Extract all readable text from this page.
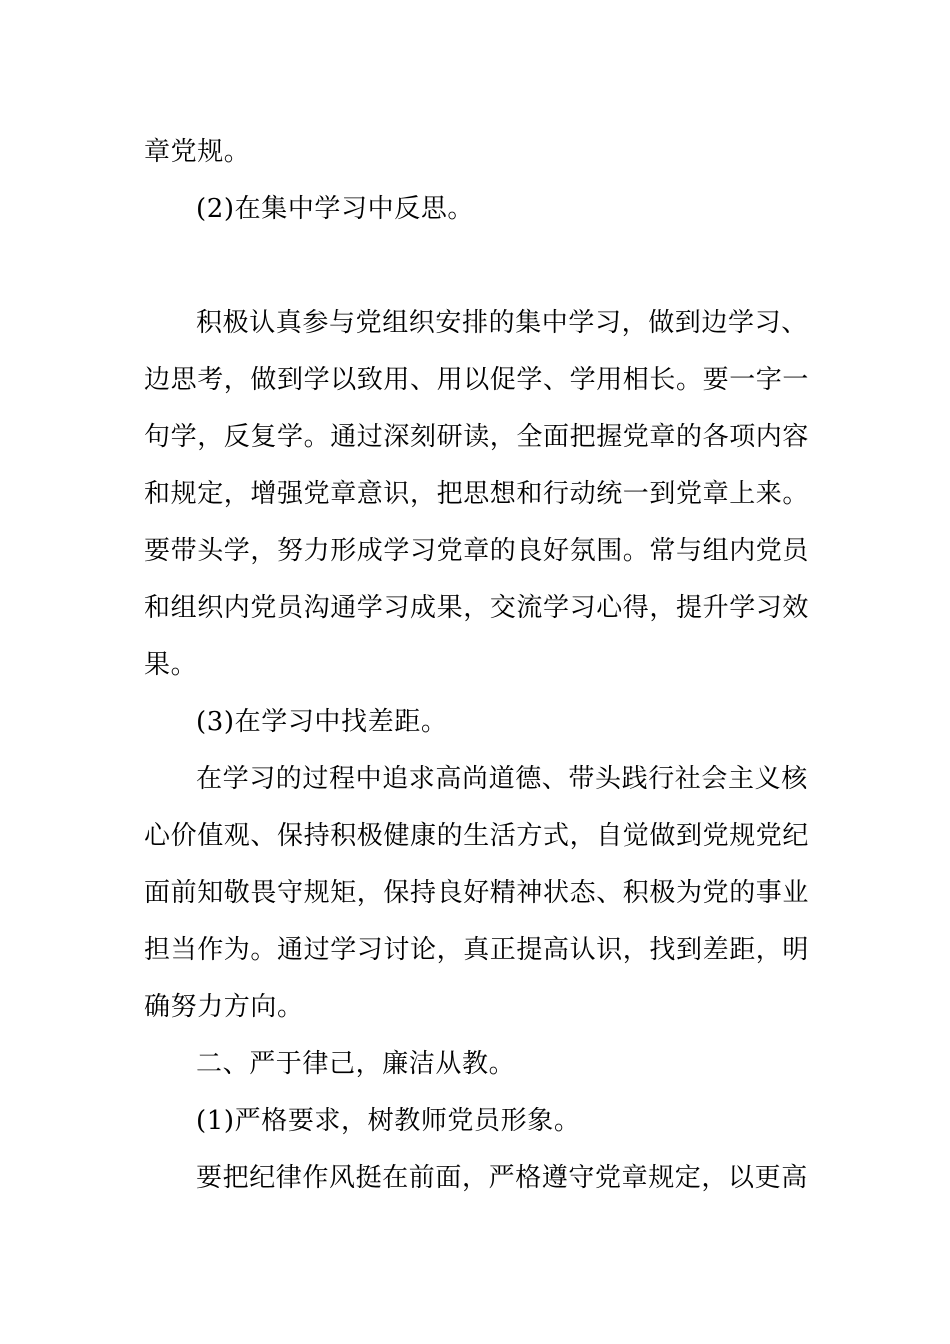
章党规。
(2)在集中学习中反思。
积极认真参与党组织安排的集中学习，做到边学习、
边思考，做到学以致用、用以促学、学用相长。要一字一
句学，反复学。通过深刻研读，全面把握党章的各项内容
和规定，增强党章意识，把思想和行动统一到党章上来。
要带头学，努力形成学习党章的良好氛围。常与组内党员
和组织内党员沟通学习成果，交流学习心得，提升学习效
果。
(3)在学习中找差距。
在学习的过程中追求高尚道德、带头践行社会主义核
心价值观、保持积极健康的生活方式，自觉做到党规党纪
面前知敬畏守规矩，保持良好精神状态、积极为党的事业
担当作为。通过学习讨论，真正提高认识，找到差距，明
确努力方向。
二、严于律己，廉洁从教。
(1)严格要求，树教师党员形象。
要把纪律作风挺在前面，严格遵守党章规定，以更高
